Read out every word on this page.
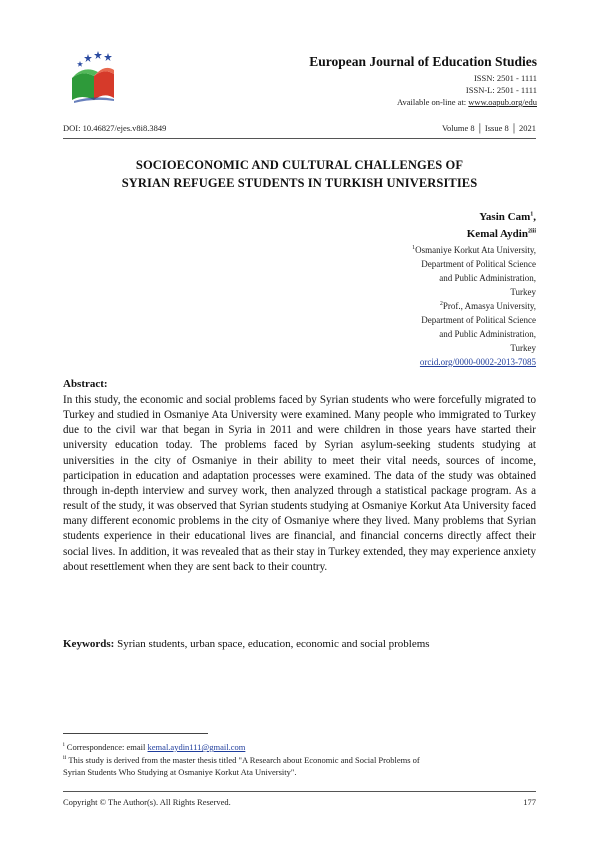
European Journal of Education Studies
ISSN: 2501 - 1111
ISSN-L: 2501 - 1111
Available on-line at: www.oapub.org/edu
DOI: 10.46827/ejes.v8i8.3849	Volume 8 │ Issue 8 │ 2021
SOCIOECONOMIC AND CULTURAL CHALLENGES OF
SYRIAN REFUGEE STUDENTS IN TURKISH UNIVERSITIES
Yasin Cam$^1$,
Kemal Aydin$^{2iii}$
$^1$Osmaniye Korkut Ata University,
Department of Political Science
and Public Administration,
Turkey
$^2$Prof., Amasya University,
Department of Political Science
and Public Administration,
Turkey
orcid.org/0000-0002-2013-7085
Abstract:
In this study, the economic and social problems faced by Syrian students who were forcefully migrated to Turkey and studied in Osmaniye Ata University were examined. Many people who immigrated to Turkey due to the civil war that began in Syria in 2011 and were children in those years have started their university education today. The problems faced by Syrian asylum-seeking students studying at universities in the city of Osmaniye in their ability to meet their vital needs, sources of income, participation in education and adaptation processes were examined. The data of the study was obtained through in-depth interview and survey work, then analyzed through a statistical package program. As a result of the study, it was observed that Syrian students studying at Osmaniye Korkut Ata University faced many different economic problems in the city of Osmaniye where they lived. Many problems that Syrian students experience in their educational lives are financial, and financial concerns directly affect their social lives. In addition, it was revealed that as their stay in Turkey extended, they may experience anxiety about resettlement when they are sent back to their country.
Keywords: Syrian students, urban space, education, economic and social problems
$^i$ Correspondence: email kemal.aydin111@gmail.com
$^{ii}$ This study is derived from the master thesis titled "A Research about Economic and Social Problems of
Syrian Students Who Studying at Osmaniye Korkut Ata University".
Copyright © The Author(s). All Rights Reserved.	177
